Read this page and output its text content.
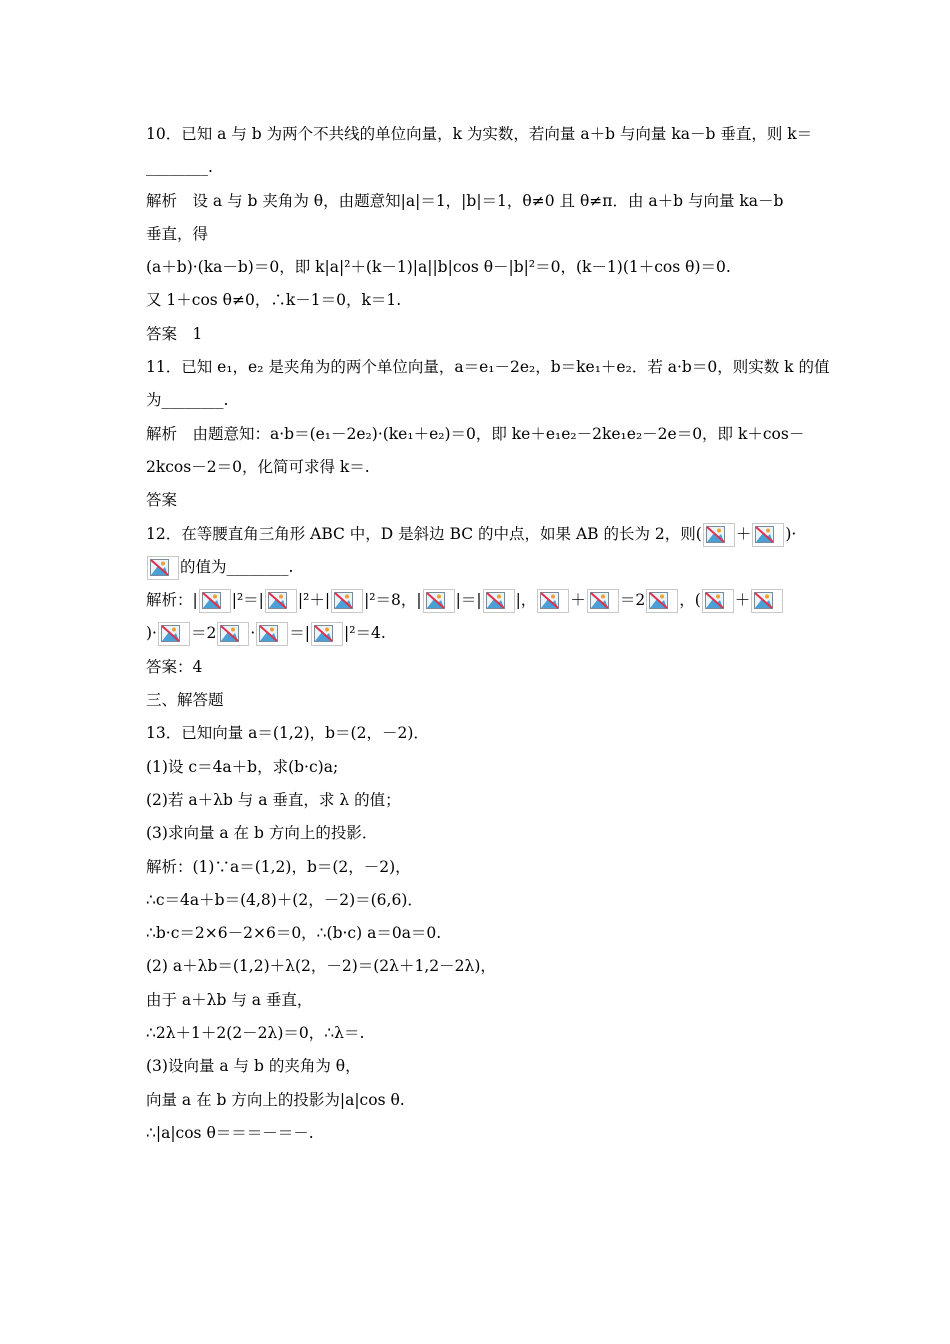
10．已知 a 与 b 为两个不共线的单位向量，k 为实数，若向量 a＋b 与向量 ka－b 垂直，则 k＝
________.
解析　设 a 与 b 夹角为 θ，由题意知|a|＝1，|b|＝1，θ≠0 且 θ≠π．由 a＋b 与向量 ka－b
垂直，得
(a＋b)·(ka－b)＝0，即 k|a|²＋(k－1)|a||b|cos θ－|b|²＝0，(k－1)(1＋cos θ)＝0.
又 1＋cos θ≠0，∴k－1＝0，k＝1.
答案　1
11．已知 e₁，e₂ 是夹角为的两个单位向量，a＝e₁－2e₂，b＝ke₁＋e₂．若 a·b＝0，则实数 k 的值
为________.
解析　由题意知：a·b＝(e₁－2e₂)·(ke₁＋e₂)＝0，即 ke＋e₁e₂－2ke₁e₂－2e＝0，即 k＋cos－
2kcos－2＝0，化简可求得 k＝.
答案
12．在等腰直角三角形 ABC 中，D 是斜边 BC 的中点，如果 AB 的长为 2，则( ＋ )·
的值为________.
解析：| |²＝| |²＋| |²＝8，| |＝| |， ＋ ＝2 ，( ＋
)· ＝2 · ＝| |²＝4.
答案：4
三、解答题
13．已知向量 a＝(1,2)，b＝(2，－2)．
(1)设 c＝4a＋b，求(b·c)a;
(2)若 a＋λb 与 a 垂直，求 λ 的值；
(3)求向量 a 在 b 方向上的投影．
解析：(1)∵a＝(1,2)，b＝(2，－2)，
∴c＝4a＋b＝(4,8)＋(2，－2)＝(6,6)．
∴b·c＝2×6－2×6＝0，∴(b·c) a＝0a＝0.
(2) a＋λb＝(1,2)＋λ(2，－2)＝(2λ＋1,2－2λ)，
由于 a＋λb 与 a 垂直，
∴2λ＋1＋2(2－2λ)＝0，∴λ＝.
(3)设向量 a 与 b 的夹角为 θ，
向量 a 在 b 方向上的投影为|a|cos θ.
∴|a|cos θ＝＝＝－＝－.
